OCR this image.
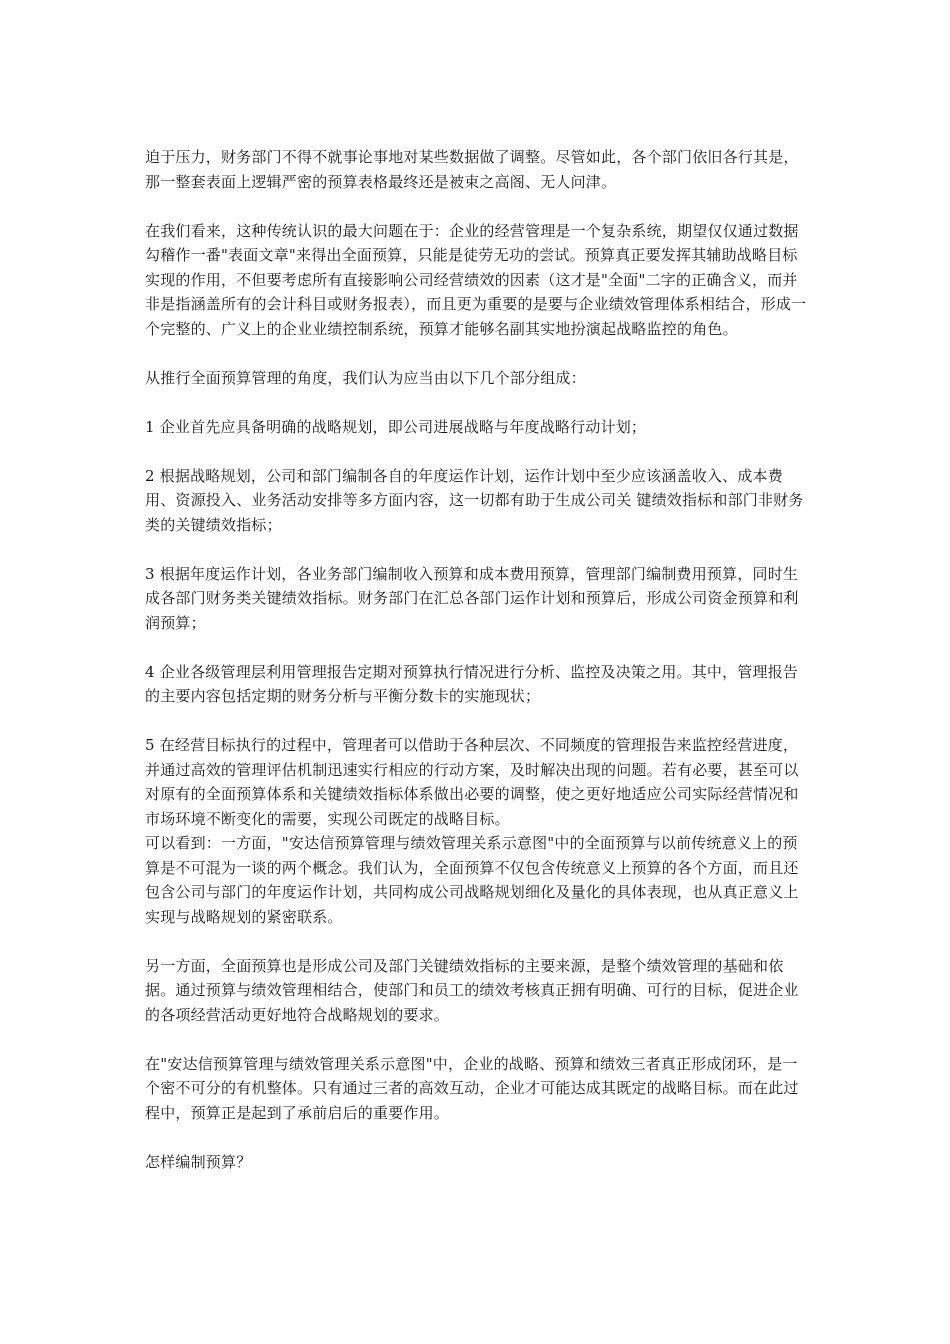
迫于压力，财务部门不得不就事论事地对某些数据做了调整。尽管如此，各个部门依旧各行其是，那一整套表面上逻辑严密的预算表格最终还是被束之高阁、无人问津。

在我们看来，这种传统认识的最大问题在于：企业的经营管理是一个复杂系统，期望仅仅通过数据勾稽作一番"表面文章"来得出全面预算，只能是徒劳无功的尝试。预算真正要发挥其辅助战略目标实现的作用，不但要考虑所有直接影响公司经营绩效的因素（这才是"全面"二字的正确含义，而并非是指涵盖所有的会计科目或财务报表），而且更为重要的是要与企业绩效管理体系相结合，形成一个完整的、广义上的企业业绩控制系统，预算才能够名副其实地扮演起战略监控的角色。

从推行全面预算管理的角度，我们认为应当由以下几个部分组成：

1 企业首先应具备明确的战略规划，即公司进展战略与年度战略行动计划；

2 根据战略规划，公司和部门编制各自的年度运作计划，运作计划中至少应该涵盖收入、成本费用、资源投入、业务活动安排等多方面内容，这一切都有助于生成公司关 键绩效指标和部门非财务类的关键绩效指标；

3 根据年度运作计划，各业务部门编制收入预算和成本费用预算，管理部门编制费用预算，同时生成各部门财务类关键绩效指标。财务部门在汇总各部门运作计划和预算后，形成公司资金预算和利润预算；

4 企业各级管理层利用管理报告定期对预算执行情况进行分析、监控及决策之用。其中，管理报告的主要内容包括定期的财务分析与平衡分数卡的实施现状；

5 在经营目标执行的过程中，管理者可以借助于各种层次、不同频度的管理报告来监控经营进度，并通过高效的管理评估机制迅速实行相应的行动方案，及时解决出现的问题。若有必要，甚至可以对原有的全面预算体系和关键绩效指标体系做出必要的调整，使之更好地适应公司实际经营情况和市场环境不断变化的需要，实现公司既定的战略目标。

可以看到：一方面，"安达信预算管理与绩效管理关系示意图"中的全面预算与以前传统意义上的预算是不可混为一谈的两个概念。我们认为，全面预算不仅包含传统意义上预算的各个方面，而且还包含公司与部门的年度运作计划，共同构成公司战略规划细化及量化的具体表现，也从真正意义上实现与战略规划的紧密联系。

另一方面，全面预算也是形成公司及部门关键绩效指标的主要来源，是整个绩效管理的基础和依据。通过预算与绩效管理相结合，使部门和员工的绩效考核真正拥有明确、可行的目标，促进企业的各项经营活动更好地符合战略规划的要求。

在"安达信预算管理与绩效管理关系示意图"中，企业的战略、预算和绩效三者真正形成闭环，是一个密不可分的有机整体。只有通过三者的高效互动，企业才可能达成其既定的战略目标。而在此过程中，预算正是起到了承前启后的重要作用。

怎样编制预算？
